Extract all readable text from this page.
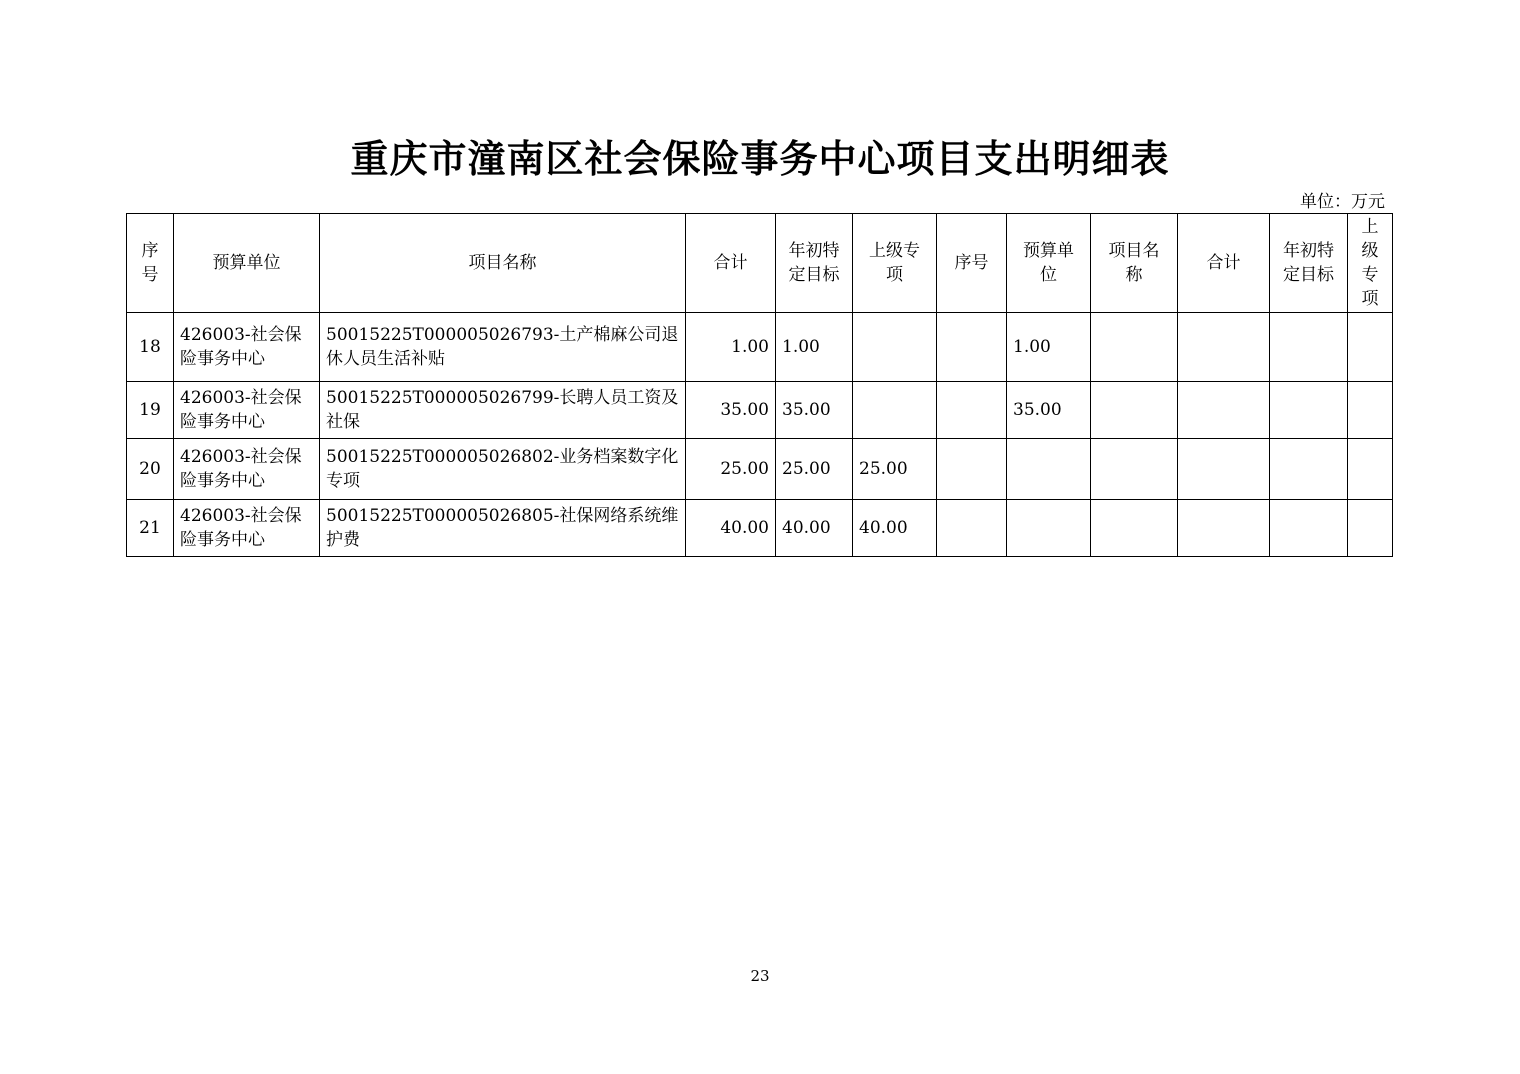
重庆市潼南区社会保险事务中心项目支出明细表
单位：万元
序号	预算单位	项目名称	合计	年初特定目标	上级专项	序号	预算单位	项目名称	合计	年初特定目标	上级专项
18	426003-社会保险事务中心	50015225T000005026793-土产棉麻公司退休人员生活补贴	1.00	1.00			1.00				
19	426003-社会保险事务中心	50015225T000005026799-长聘人员工资及社保	35.00	35.00			35.00				
20	426003-社会保险事务中心	50015225T000005026802-业务档案数字化专项	25.00	25.00	25.00						
21	426003-社会保险事务中心	50015225T000005026805-社保网络系统维护费	40.00	40.00	40.00						
23
